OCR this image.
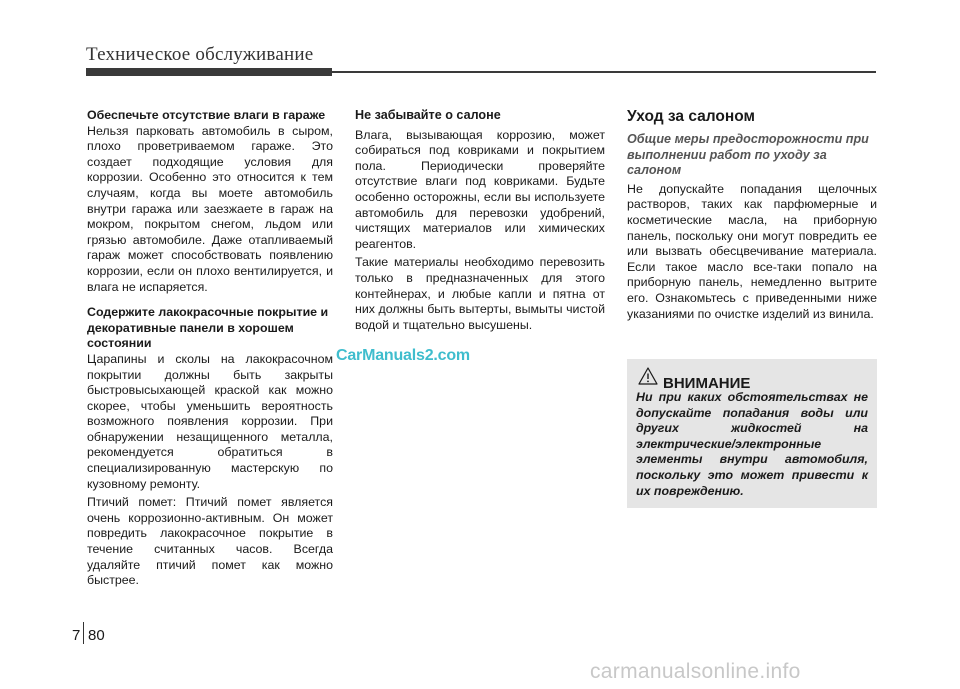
Техническое обслуживание

Обеспечьте отсутствие влаги в гараже

Нельзя парковать автомобиль в сыром, плохо проветриваемом гараже. Это создает подходящие условия для коррозии. Особенно это относится к тем случаям, когда вы моете автомобиль внутри гаража или заезжаете в гараж на мокром, покрытом снегом, льдом или грязью автомобиле. Даже отапливаемый гараж может способствовать появлению коррозии, если он плохо вентилируется, и влага не испаряется.

Содержите лакокрасочные покрытие и декоративные панели в хорошем состоянии

Царапины и сколы на лакокрасочном покрытии должны быть закрыты быстровысыхающей краской как можно скорее, чтобы уменьшить вероятность возможного появления коррозии. При обнаружении незащищенного металла, рекомендуется обратиться в специализированную мастерскую по кузовному ремонту.

Птичий помет: Птичий помет является очень коррозионно-активным. Он может повредить лакокрасочное покрытие в течение считанных часов. Всегда удаляйте птичий помет как можно быстрее.

Не забывайте о салоне

Влага, вызывающая коррозию, может собираться под ковриками и покрытием пола. Периодически проверяйте отсутствие влаги под ковриками. Будьте особенно осторожны, если вы используете автомобиль для перевозки удобрений, чистящих материалов или химических реагентов.

Такие материалы необходимо перевозить только в предназначенных для этого контейнерах, и любые капли и пятна от них должны быть вытерты, вымыты чистой водой и тщательно высушены.

Уход за салоном

Общие меры предосторожности при выполнении работ по уходу за салоном

Не допускайте попадания щелочных растворов, таких как парфюмерные и косметические масла, на приборную панель, поскольку они могут повредить ее или вызвать обесцвечивание материала. Если такое масло все-таки попало на приборную панель, немедленно вытрите его. Ознакомьтесь с приведенными ниже указаниями по очистке изделий из винила.

ВНИМАНИЕ
Ни при каких обстоятельствах не допускайте попадания воды или других жидкостей на электрические/электронные элементы внутри автомобиля, поскольку это может привести к их повреждению.
CarManuals2.com
7 80
carmanualsonline.info
